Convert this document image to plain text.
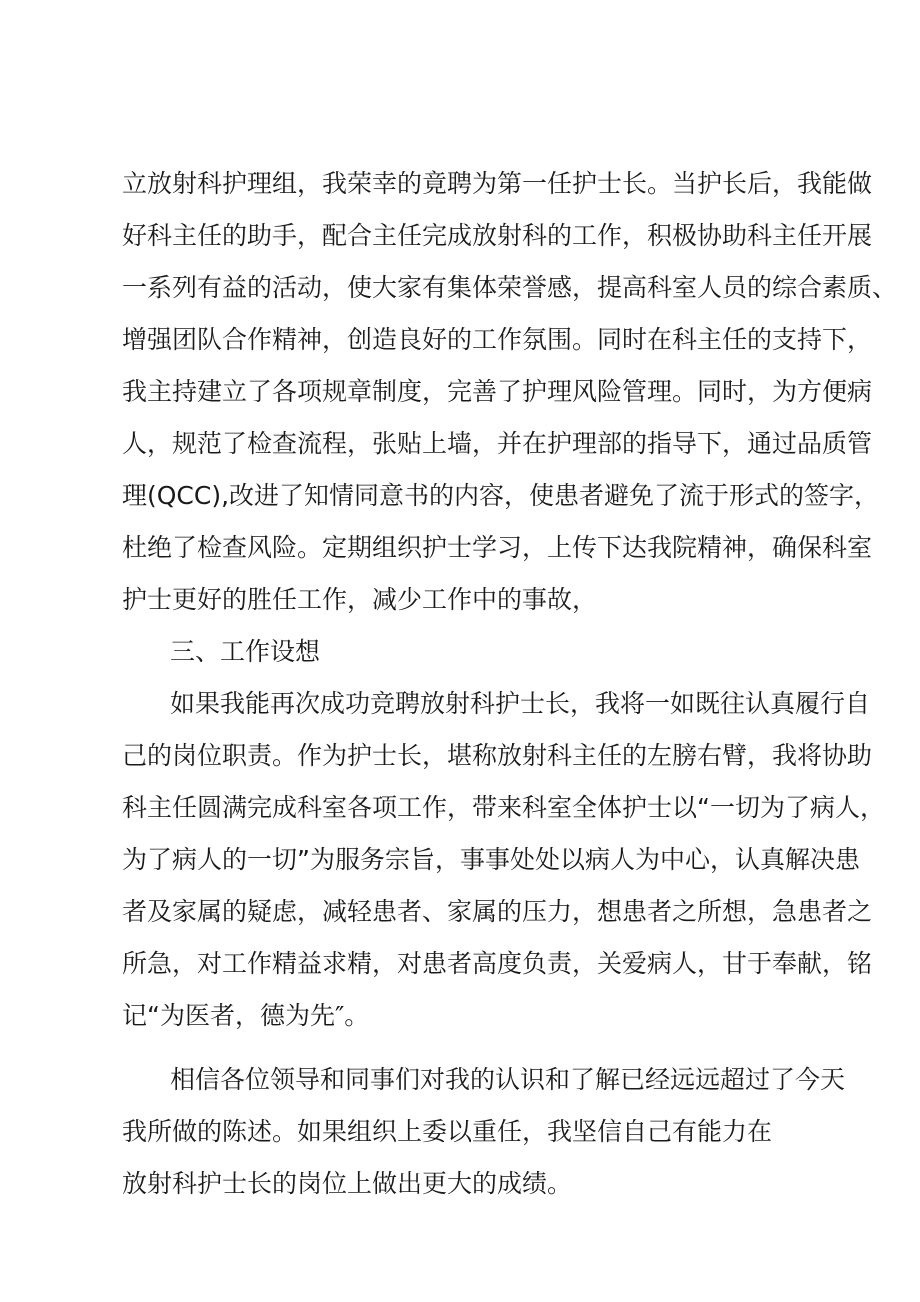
立放射科护理组，我荣幸的竟聘为第一任护士长。当护长后，我能做
好科主任的助手，配合主任完成放射科的工作，积极协助科主任开展
一系列有益的活动，使大家有集体荣誉感，提高科室人员的综合素质、
增强团队合作精神，创造良好的工作氛围。同时在科主任的支持下，
我主持建立了各项规章制度，完善了护理风险管理。同时，为方便病
人，规范了检查流程，张贴上墙，并在护理部的指导下，通过品质管
理(QCC),改进了知情同意书的内容，使患者避免了流于形式的签字，
杜绝了检查风险。定期组织护士学习，上传下达我院精神，确保科室
护士更好的胜任工作，减少工作中的事故，
三、工作设想
如果我能再次成功竞聘放射科护士长，我将一如既往认真履行自
己的岗位职责。作为护士长，堪称放射科主任的左膀右臂，我将协助
科主任圆满完成科室各项工作，带来科室全体护士以“一切为了病人，
为了病人的一切”为服务宗旨，事事处处以病人为中心，认真解决患
者及家属的疑虑，减轻患者、家属的压力，想患者之所想，急患者之
所急，对工作精益求精，对患者高度负责，关爱病人，甘于奉献，铭
记“为医者，德为先″。
相信各位领导和同事们对我的认识和了解已经远远超过了今天
我所做的陈述。如果组织上委以重任，我坚信自己有能力在
放射科护士长的岗位上做出更大的成绩。
